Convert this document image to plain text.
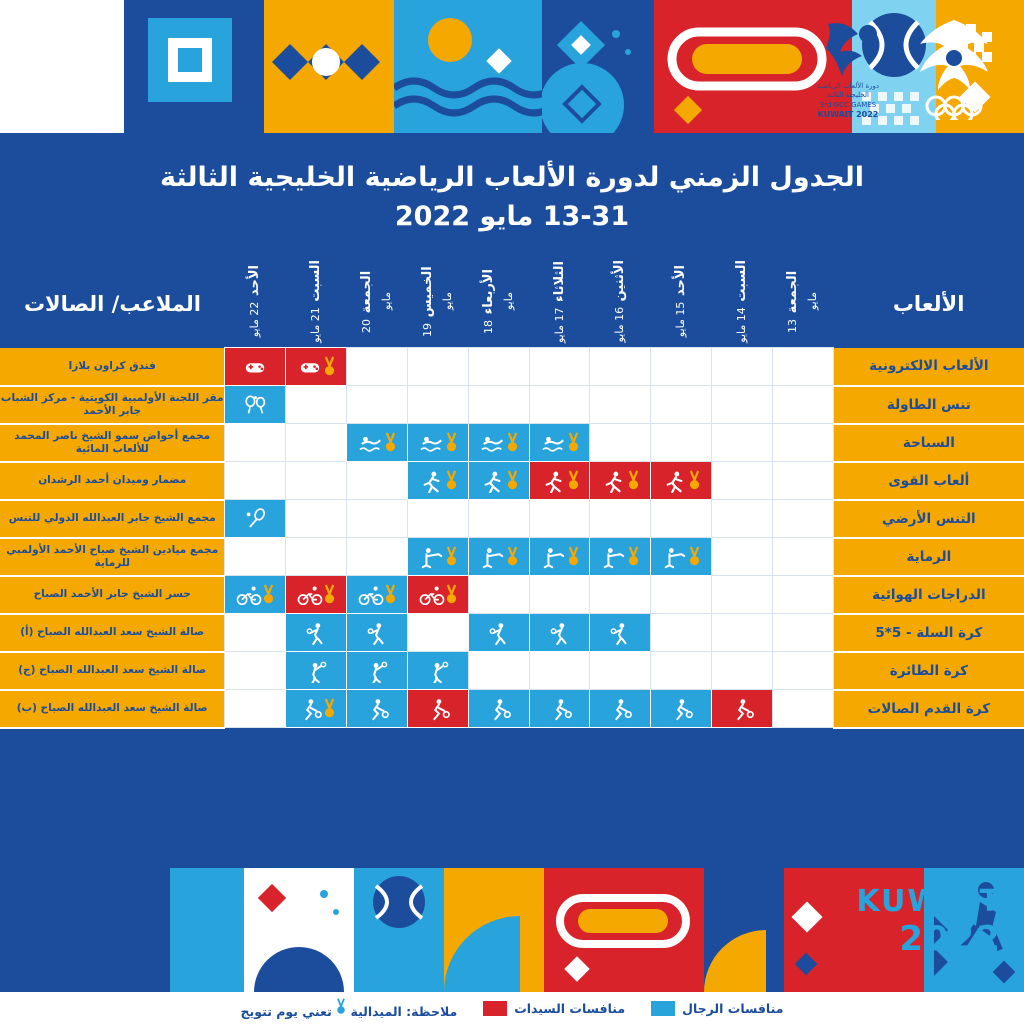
دورة الألعاب الرياضية
الخليجية الثالثة
3rd GCC GAMES
KUWAIT 2022
الجدول الزمني لدورة الألعاب الرياضية الخليجية الثالثة
13-31 مايو 2022
الألعاب	الجمعة 13 مايو	السبت 14 مايو	الأحد 15 مايو	الأثنين 16 مايو	الثلاثاء 17 مايو	الأربعاء 18 مايو	الخميس 19 مايو	الجمعة 20 مايو	السبت 21 مايو	الأحد 22 مايو	الملاعب/ الصالات
الألعاب الالكترونية											فندق كراون بلازا
تنس الطاولة											مقر اللجنة الأولمبية الكويتية - مركز الشباب جابر الأحمد
السباحة											مجمع أحواض سمو الشيخ ناصر المحمد للألعاب المائية
ألعاب القوى											مضمار وميدان أحمد الرشدان
التنس الأرضي											مجمع الشيخ جابر العبدالله الدولي للتنس
الرماية											مجمع ميادين الشيخ صباح الأحمد الأولمبي للرماية
الدراجات الهوائية											جسر الشيخ جابر الأحمد الصباح
كرة السلة - 5*5											صالة الشيخ سعد العبدالله الصباح (أ)
كرة الطائرة											صالة الشيخ سعد العبدالله الصباح (ج)
كرة القدم الصالات											صالة الشيخ سعد العبدالله الصباح (ب)
KUWAIT
2022
منافسات الرجال
منافسات السيدات
ملاحظة: الميدالية  تعني يوم تتويج
